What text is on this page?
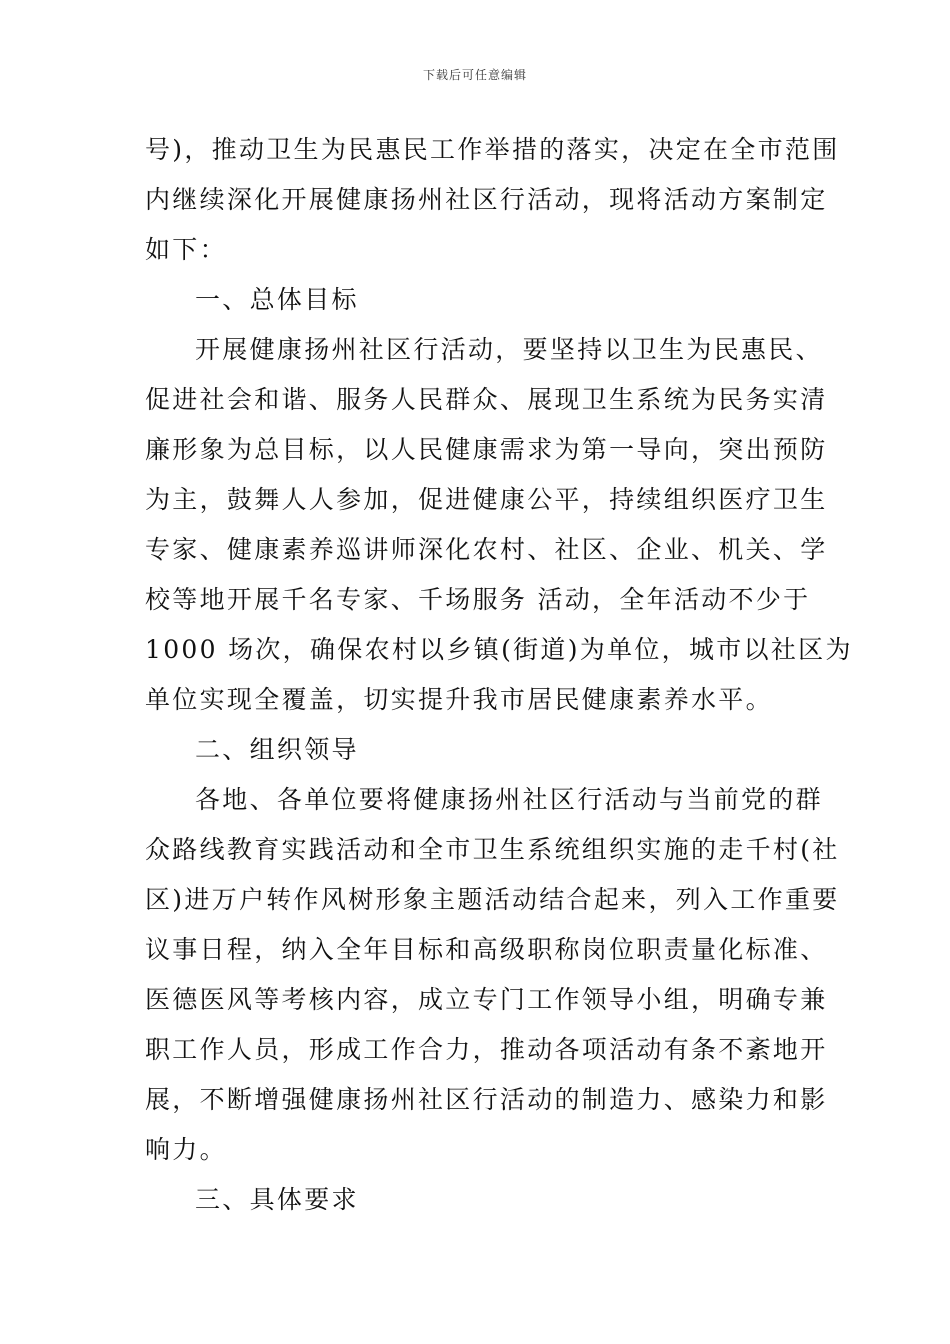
下载后可任意编辑
号)，推动卫生为民惠民工作举措的落实，决定在全市范围
内继续深化开展健康扬州社区行活动，现将活动方案制定
如下：
一、总体目标
开展健康扬州社区行活动，要坚持以卫生为民惠民、
促进社会和谐、服务人民群众、展现卫生系统为民务实清
廉形象为总目标，以人民健康需求为第一导向，突出预防
为主，鼓舞人人参加，促进健康公平，持续组织医疗卫生
专家、健康素养巡讲师深化农村、社区、企业、机关、学
校等地开展千名专家、千场服务 活动，全年活动不少于
1000 场次，确保农村以乡镇(街道)为单位，城市以社区为
单位实现全覆盖，切实提升我市居民健康素养水平。
二、组织领导
各地、各单位要将健康扬州社区行活动与当前党的群
众路线教育实践活动和全市卫生系统组织实施的走千村(社
区)进万户转作风树形象主题活动结合起来，列入工作重要
议事日程，纳入全年目标和高级职称岗位职责量化标准、
医德医风等考核内容，成立专门工作领导小组，明确专兼
职工作人员，形成工作合力，推动各项活动有条不紊地开
展，不断增强健康扬州社区行活动的制造力、感染力和影
响力。
三、具体要求
